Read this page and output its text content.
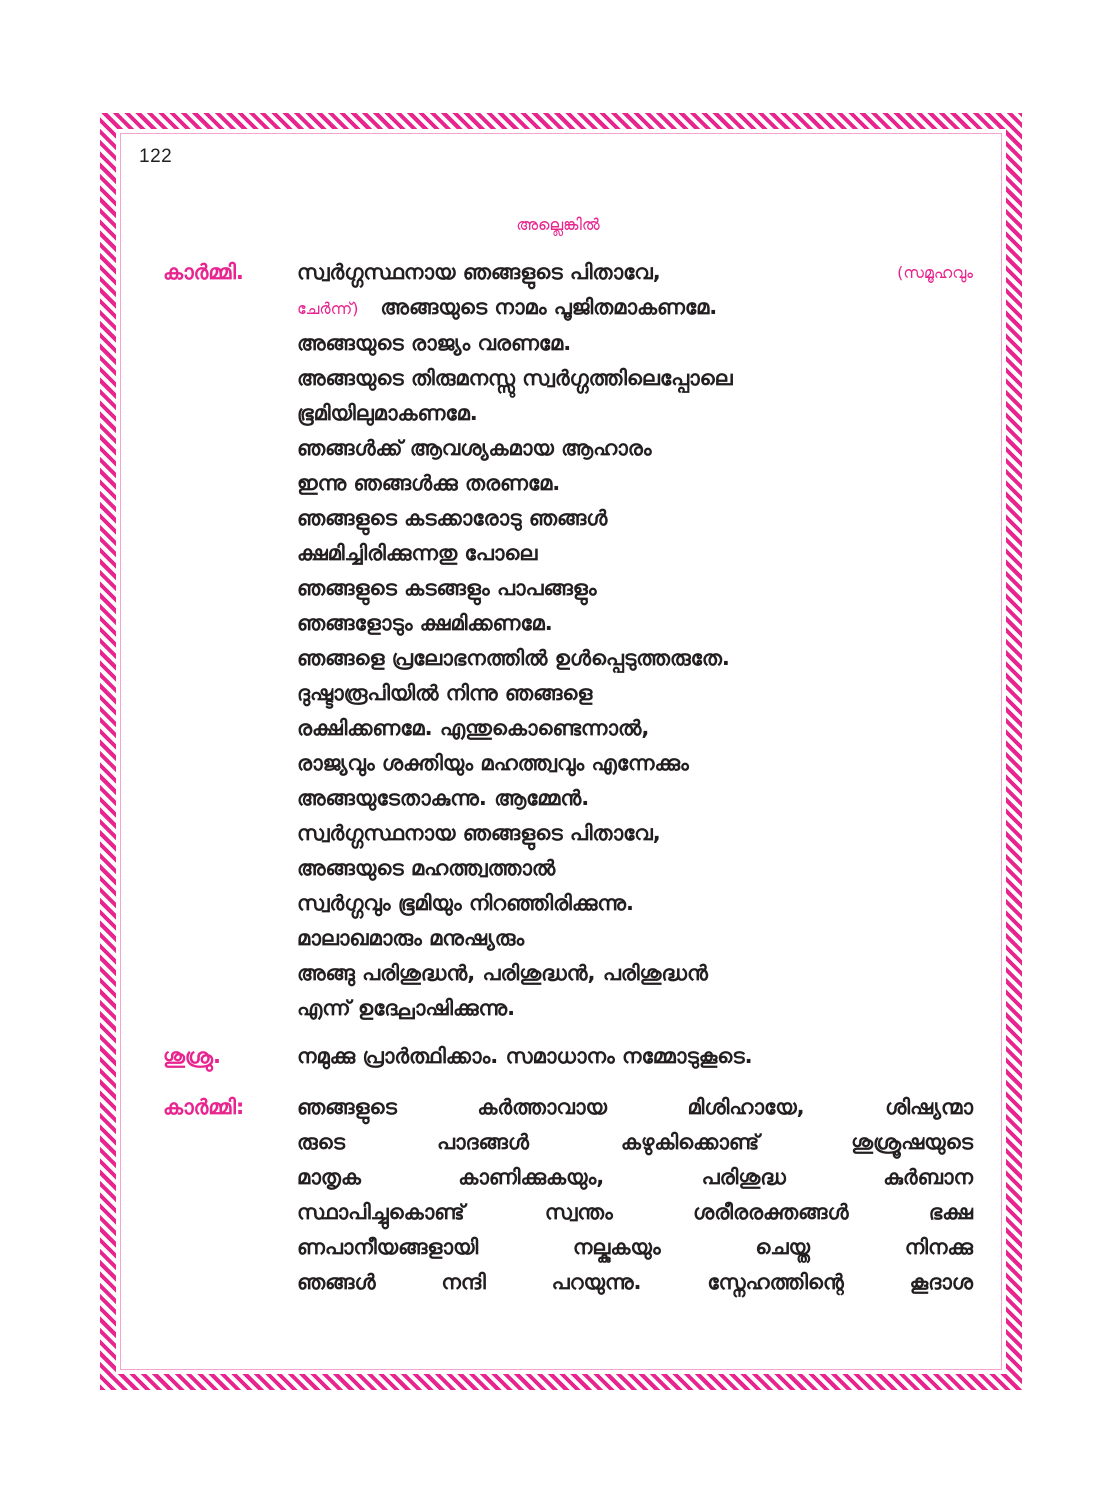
122
അല്ലെങ്കിൽ
കാർമ്മി.	സ്വർഗ്ഗസ്ഥനായ ഞങ്ങളുടെ പിതാവേ,	(സമൂഹവും
ചേർന്ന്) അങ്ങയുടെ നാമം പൂജിതമാകണമേ.
അങ്ങയുടെ രാജ്യം വരണമേ.
അങ്ങയുടെ തിരുമനസ്സു സ്വർഗ്ഗത്തിലെപ്പോലെ
ഭൂമിയിലുമാകണമേ.
ഞങ്ങൾക്ക് ആവശ്യകമായ ആഹാരം
ഇന്നു ഞങ്ങൾക്കു തരണമേ.
ഞങ്ങളുടെ കടക്കാരോടു ഞങ്ങൾ
ക്ഷമിച്ചിരിക്കുന്നതു പോലെ
ഞങ്ങളുടെ കടങ്ങളും പാപങ്ങളും
ഞങ്ങളോടും ക്ഷമിക്കണമേ.
ഞങ്ങളെ പ്രലോഭനത്തിൽ ഉൾപ്പെടുത്തരുതേ.
ദുഷ്ടാരൂപിയിൽ നിന്നു ഞങ്ങളെ
രക്ഷിക്കണമേ. എന്തുകൊണ്ടെന്നാൽ,
രാജ്യവും ശക്തിയും മഹത്ത്വവും എന്നേക്കും
അങ്ങയുടേതാകുന്നു. ആമ്മേൻ.
സ്വർഗ്ഗസ്ഥനായ ഞങ്ങളുടെ പിതാവേ,
അങ്ങയുടെ മഹത്ത്വത്താൽ
സ്വർഗ്ഗവും ഭൂമിയും നിറഞ്ഞിരിക്കുന്നു.
മാലാഖമാരും മനുഷ്യരും
അങ്ങു പരിശുദ്ധൻ, പരിശുദ്ധൻ, പരിശുദ്ധൻ
എന്ന് ഉദ്ഘോഷിക്കുന്നു.
ശുശ്രു.	നമുക്കു പ്രാർത്ഥിക്കാം. സമാധാനം നമ്മോടുകൂടെ.
കാർമ്മി:	ഞങ്ങളുടെ കർത്താവായ മിശിഹായേ, ശിഷ്യന്മാ
രുടെ പാദങ്ങൾ കഴുകിക്കൊണ്ട് ശുശ്രൂഷയുടെ
മാതൃക കാണിക്കുകയും, പരിശുദ്ധ കുർബാന
സ്ഥാപിച്ചുകൊണ്ട് സ്വന്തം ശരീരരക്തങ്ങൾ ഭക്ഷ
ണപാനീയങ്ങളായി നല്കുകയും ചെയ്ത നിനക്കു
ഞങ്ങൾ നന്ദി പറയുന്നു. സ്നേഹത്തിന്റെ കൂദാശ
